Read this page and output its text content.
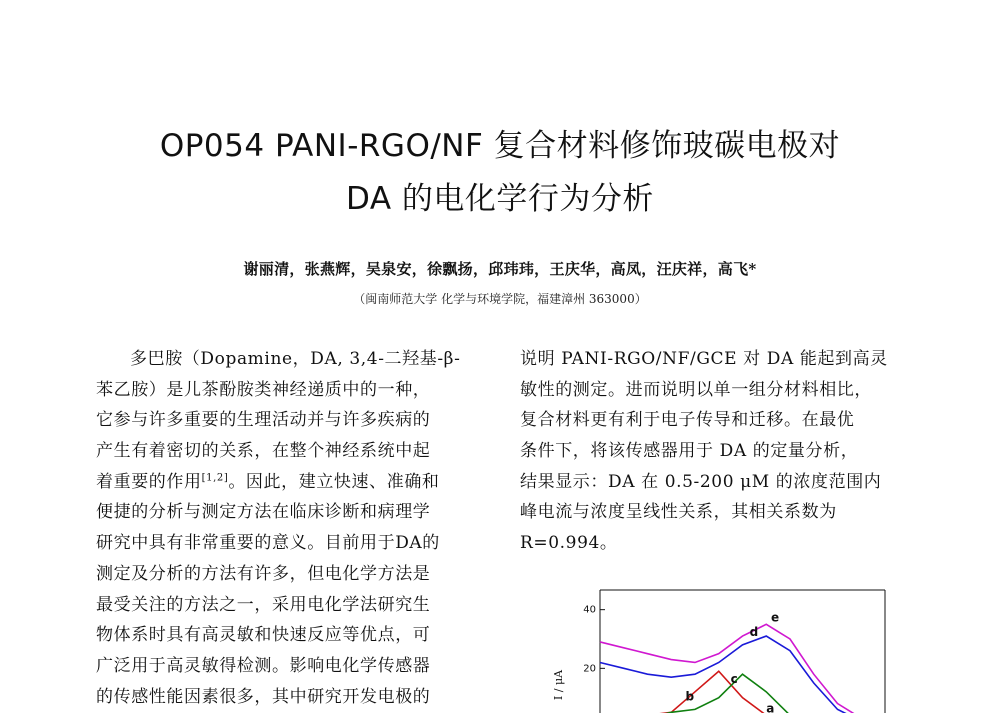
OP054 PANI-RGO/NF 复合材料修饰玻碳电极对
DA 的电化学行为分析
谢丽清，张燕辉，吴泉安，徐飘扬，邱玮玮，王庆华，高凤，汪庆祥，高飞*
（闽南师范大学 化学与环境学院，福建漳州 363000）
多巴胺（Dopamine，DA, 3,4-二羟基-β-
苯乙胺）是儿茶酚胺类神经递质中的一种，
它参与许多重要的生理活动并与许多疾病的
产生有着密切的关系，在整个神经系统中起
着重要的作用[1,2]。因此，建立快速、准确和
便捷的分析与测定方法在临床诊断和病理学
研究中具有非常重要的意义。目前用于DA的
测定及分析的方法有许多，但电化学方法是
最受关注的方法之一，采用电化学法研究生
物体系时具有高灵敏和快速反应等优点，可
广泛用于高灵敏得检测。影响电化学传感器
的传感性能因素很多，其中研究开发电极的
说明 PANI-RGO/NF/GCE 对 DA 能起到高灵
敏性的测定。进而说明以单一组分材料相比，
复合材料更有利于电子传导和迁移。在最优
条件下，将该传感器用于 DA 的定量分析，
结果显示：DA 在 0.5-200 μM 的浓度范围内
峰电流与浓度呈线性关系，其相关系数为
R=0.994。
40
20
I / μA
a
b
c
d
e
